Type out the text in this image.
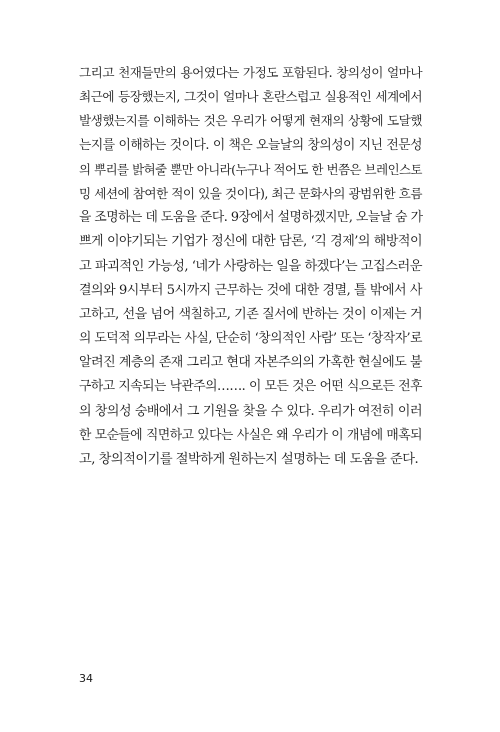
그리고 천재들만의 용어였다는 가정도 포함된다. 창의성이 얼마나
최근에 등장했는지, 그것이 얼마나 혼란스럽고 실용적인 세계에서
발생했는지를 이해하는 것은 우리가 어떻게 현재의 상황에 도달했
는지를 이해하는 것이다. 이 책은 오늘날의 창의성이 지닌 전문성
의 뿌리를 밝혀줄 뿐만 아니라(누구나 적어도 한 번쯤은 브레인스토
밍 세션에 참여한 적이 있을 것이다), 최근 문화사의 광범위한 흐름
을 조명하는 데 도움을 준다. 9장에서 설명하겠지만, 오늘날 숨 가
쁘게 이야기되는 기업가 정신에 대한 담론, ‘긱 경제’의 해방적이
고 파괴적인 가능성, ‘네가 사랑하는 일을 하겠다’는 고집스러운
결의와 9시부터 5시까지 근무하는 것에 대한 경멸, 틀 밖에서 사
고하고, 선을 넘어 색칠하고, 기존 질서에 반하는 것이 이제는 거
의 도덕적 의무라는 사실, 단순히 ‘창의적인 사람’ 또는 ‘창작자’로
알려진 계층의 존재 그리고 현대 자본주의의 가혹한 현실에도 불
구하고 지속되는 낙관주의……. 이 모든 것은 어떤 식으로든 전후
의 창의성 숭배에서 그 기원을 찾을 수 있다. 우리가 여전히 이러
한 모순들에 직면하고 있다는 사실은 왜 우리가 이 개념에 매혹되
고, 창의적이기를 절박하게 원하는지 설명하는 데 도움을 준다.
34
